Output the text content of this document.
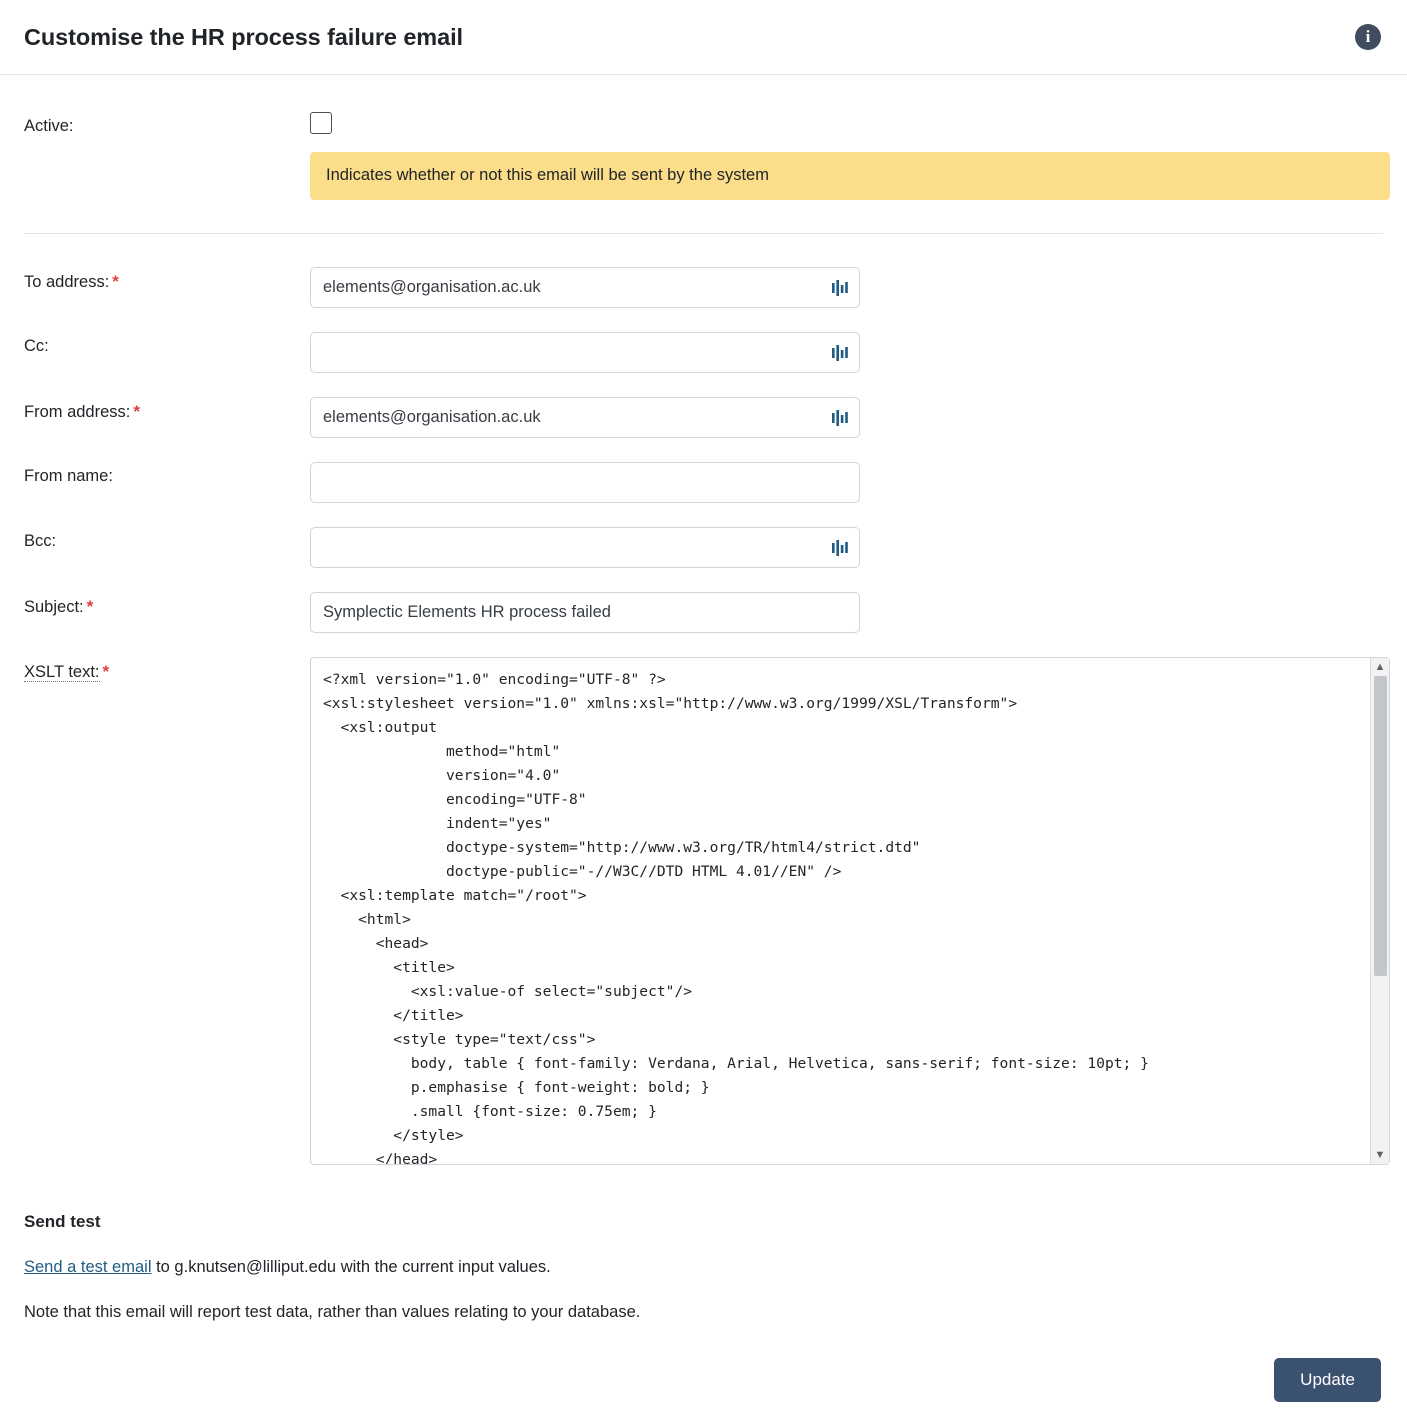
Customise the HR process failure email	i
Active:
Indicates whether or not this email will be sent by the system
To address: *
elements@organisation.ac.uk
Cc:
From address: *
elements@organisation.ac.uk
From name:
Bcc:
Subject: *
Symplectic Elements HR process failed
XSLT text: *
<?xml version="1.0" encoding="UTF-8" ?> <xsl:stylesheet version="1.0" xmlns:xsl="http://www.w3.org/1999/XSL/Transform"> <xsl:output method="html" version="4.0" encoding="UTF-8" indent="yes" doctype-system="http://www.w3.org/TR/html4/strict.dtd" doctype-public="-//W3C//DTD HTML 4.01//EN" /> <xsl:template match="/root"> <html> <head> <title> <xsl:value-of select="subject"/> </title> <style type="text/css"> body, table { font-family: Verdana, Arial, Helvetica, sans-serif; font-size: 10pt; } p.emphasise { font-weight: bold; } .small {font-size: 0.75em; } </style> </head>	▲
▼
Send test
Send a test email to g.knutsen@lilliput.edu with the current input values.
Note that this email will report test data, rather than values relating to your database.
Update
